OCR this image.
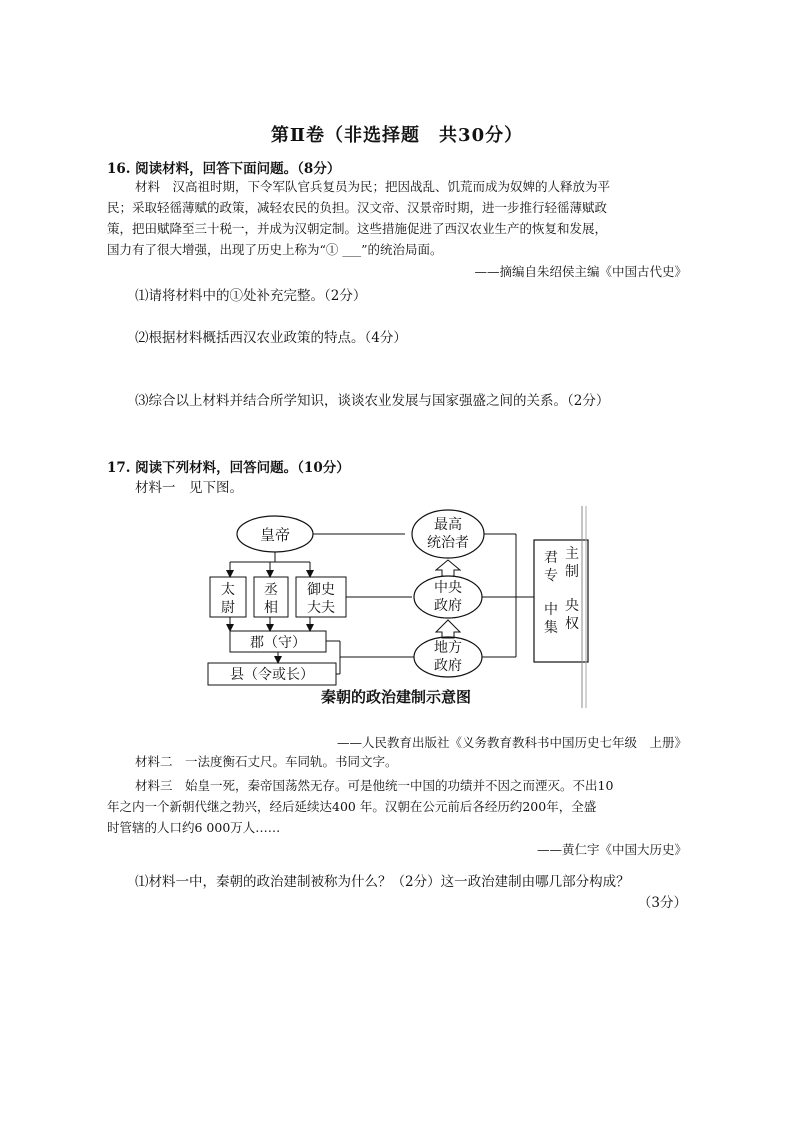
第Ⅱ卷（非选择题　共30分）
16. 阅读材料，回答下面问题。（8分）
材料　汉高祖时期，下令军队官兵复员为民；把因战乱、饥荒而成为奴婢的人释放为平
民；采取轻徭薄赋的政策，减轻农民的负担。汉文帝、汉景帝时期，进一步推行轻徭薄赋政
策，把田赋降至三十税一，并成为汉朝定制。这些措施促进了西汉农业生产的恢复和发展，
国力有了很大增强，出现了历史上称为“① ___”的统治局面。
——摘编自朱绍侯主编《中国古代史》
⑴请将材料中的①处补充完整。（2分）
⑵根据材料概括西汉农业政策的特点。（4分）
⑶综合以上材料并结合所学知识，谈谈农业发展与国家强盛之间的关系。（2分）
17. 阅读下列材料，回答问题。（10分）
材料一　见下图。
皇帝
太
尉
丞
相
御史
大夫
郡（守）
县（令或长）
最高
统治者
中央
政府
地方
政府
君
专
中
集
主
制
央
权
秦朝的政治建制示意图
——人民教育出版社《义务教育教科书中国历史七年级　上册》
材料二　一法度衡石丈尺。车同轨。书同文字。
材料三　始皇一死，秦帝国荡然无存。可是他统一中国的功绩并不因之而湮灭。不出10
年之内一个新朝代继之勃兴，经后延续达400 年。汉朝在公元前后各经历约200年，全盛
时管辖的人口约6 000万人……
——黄仁宇《中国大历史》
⑴材料一中，秦朝的政治建制被称为什么？（2分）这一政治建制由哪几部分构成？
（3分）
